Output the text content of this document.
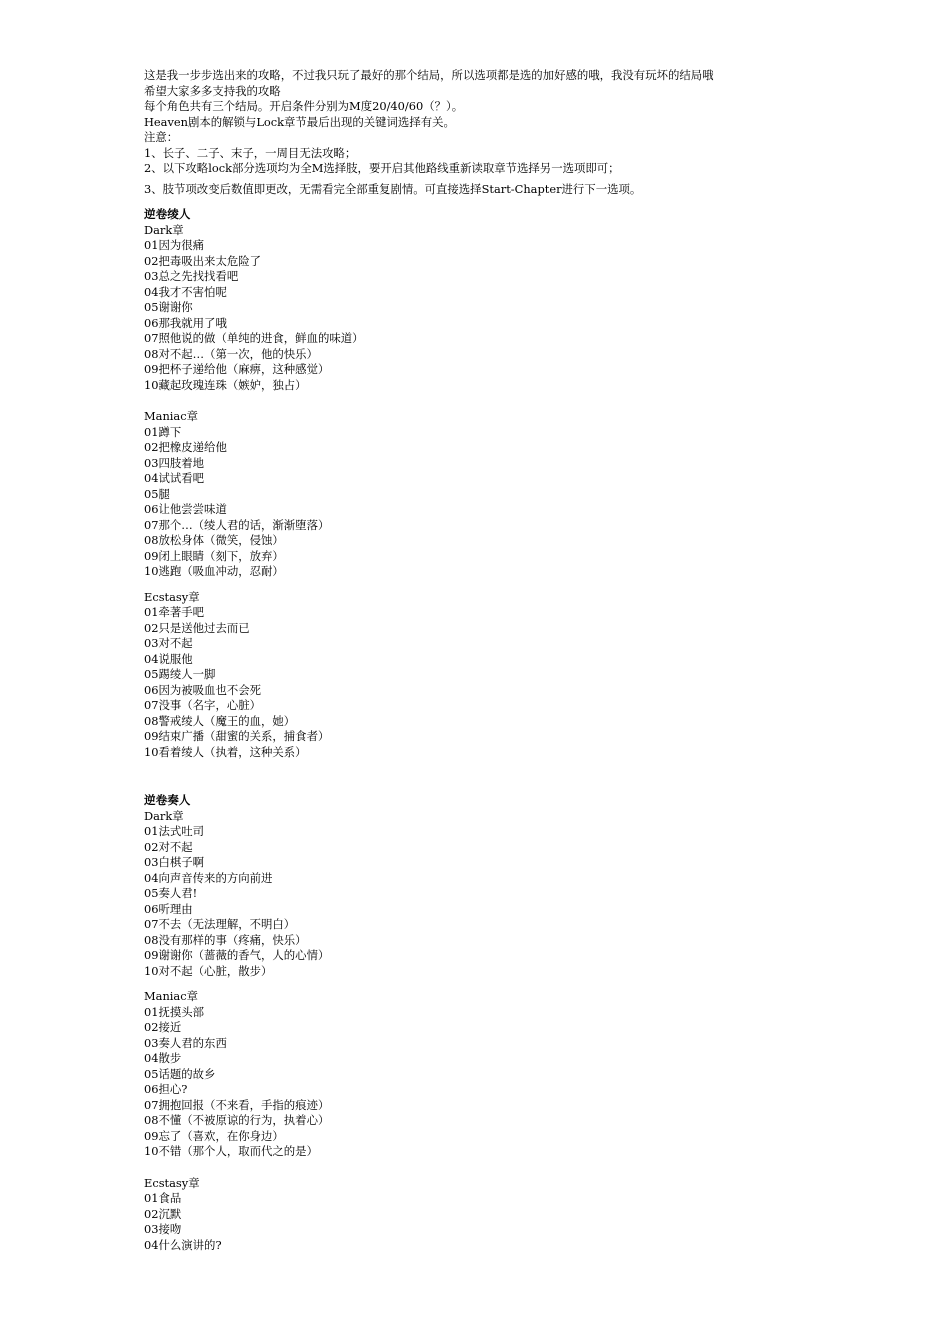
这是我一步步选出来的攻略，不过我只玩了最好的那个结局，所以选项都是选的加好感的哦，我没有玩坏的结局哦
希望大家多多支持我的攻略
每个角色共有三个结局。开启条件分别为M度20/40/60（？）。
Heaven剧本的解锁与Lock章节最后出现的关键词选择有关。
注意：
1、长子、二子、末子，一周目无法攻略；
2、以下攻略lock部分选项均为全M选择肢，要开启其他路线重新读取章节选择另一选项即可；
3、肢节项改变后数值即更改，无需看完全部重复剧情。可直接选择Start-Chapter进行下一选项。
逆卷绫人
Dark章
01因为很痛
02把毒吸出来太危险了
03总之先找找看吧
04我才不害怕呢
05谢谢你
06那我就用了哦
07照他说的做（单纯的进食，鲜血的味道）
08对不起…（第一次，他的快乐）
09把杯子递给他（麻痹，这种感觉）
10藏起玫瑰连珠（嫉妒，独占）
Maniac章
01蹲下
02把橡皮递给他
03四肢着地
04试试看吧
05腿
06让他尝尝味道
07那个…（绫人君的话，渐渐堕落）
08放松身体（微笑，侵蚀）
09闭上眼睛（刻下，放弃）
10逃跑（吸血冲动，忍耐）
Ecstasy章
01牵著手吧
02只是送他过去而已
03对不起
04说服他
05踢绫人一脚
06因为被吸血也不会死
07没事（名字，心脏）
08警戒绫人（魔王的血，她）
09结束广播（甜蜜的关系，捕食者）
10看着绫人（执着，这种关系）
逆卷奏人
Dark章
01法式吐司
02对不起
03白棋子啊
04向声音传来的方向前进
05奏人君!
06听理由
07不去（无法理解，不明白）
08没有那样的事（疼痛，快乐）
09谢谢你（蔷薇的香气，人的心情）
10对不起（心脏，散步）
Maniac章
01抚摸头部
02接近
03奏人君的东西
04散步
05话题的故乡
06担心?
07拥抱回报（不来看，手指的痕迹）
08不懂（不被原谅的行为，执着心）
09忘了（喜欢，在你身边）
10不错（那个人，取而代之的是）
Ecstasy章
01食品
02沉默
03接吻
04什么演讲的?
